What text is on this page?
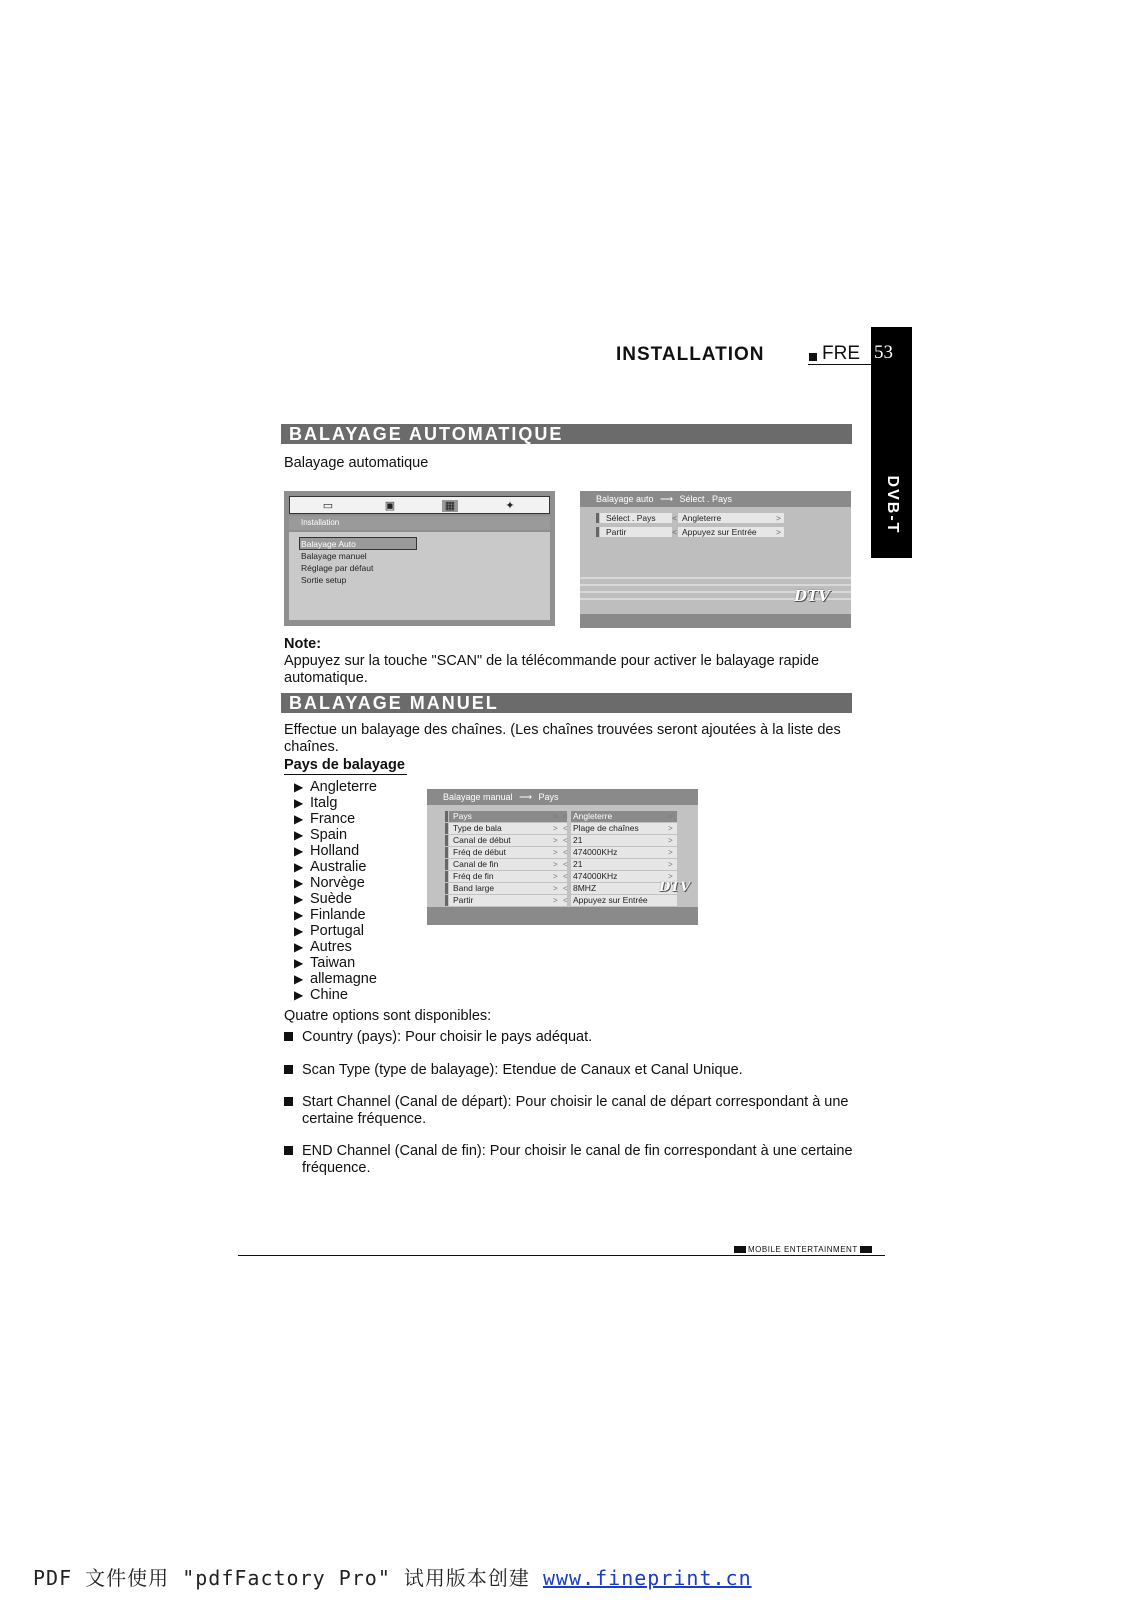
INSTALLATION	FRE 53
DVB-T
BALAYAGE AUTOMATIQUE
Balayage automatique
▭	▣	▦	✦
Installation
Balayage Auto
Balayage manuel
Réglage par défaut
Sortie setup
Balayage auto ⟶ Sélect . Pays
Sélect . Pays	< Angleterre	>
Partir	< Appuyez sur Entrée	>
DTV
Note:
Appuyez sur la touche "SCAN" de la télécommande pour activer le balayage rapide automatique.
BALAYAGE MANUEL
Effectue un balayage des chaînes. (Les chaînes trouvées seront ajoutées à la liste des chaînes.
Pays de balayage
▶ Angleterre
▶ Italg
▶ France
▶ Spain
▶ Holland
▶ Australie
▶ Norvège
▶ Suède
▶ Finlande
▶ Portugal
▶ Autres
▶ Taiwan
▶ allemagne
▶ Chine
Balayage manual ⟶ Pays
Pays	> < Angleterre	>
Type de bala	> < Plage de chaînes	>
Canal de début	> < 21	>
Fréq de début	> < 474000KHz	>
Canal de fin	> < 21	>
Fréq de fin	> < 474000KHz	>
Band large	> < 8MHZ
Partir	> < Appuyez sur Entrée
DTV
Quatre options sont disponibles:
Country (pays): Pour choisir le pays adéquat.
Scan Type (type de balayage): Etendue de Canaux et Canal Unique.
Start Channel (Canal de départ): Pour choisir le canal de départ correspondant à une certaine fréquence.
END Channel (Canal de fin): Pour choisir le canal de fin correspondant à une certaine fréquence.
MOBILE ENTERTAINMENT
PDF 文件使用 "pdfFactory Pro" 试用版本创建 www.fineprint.cn
